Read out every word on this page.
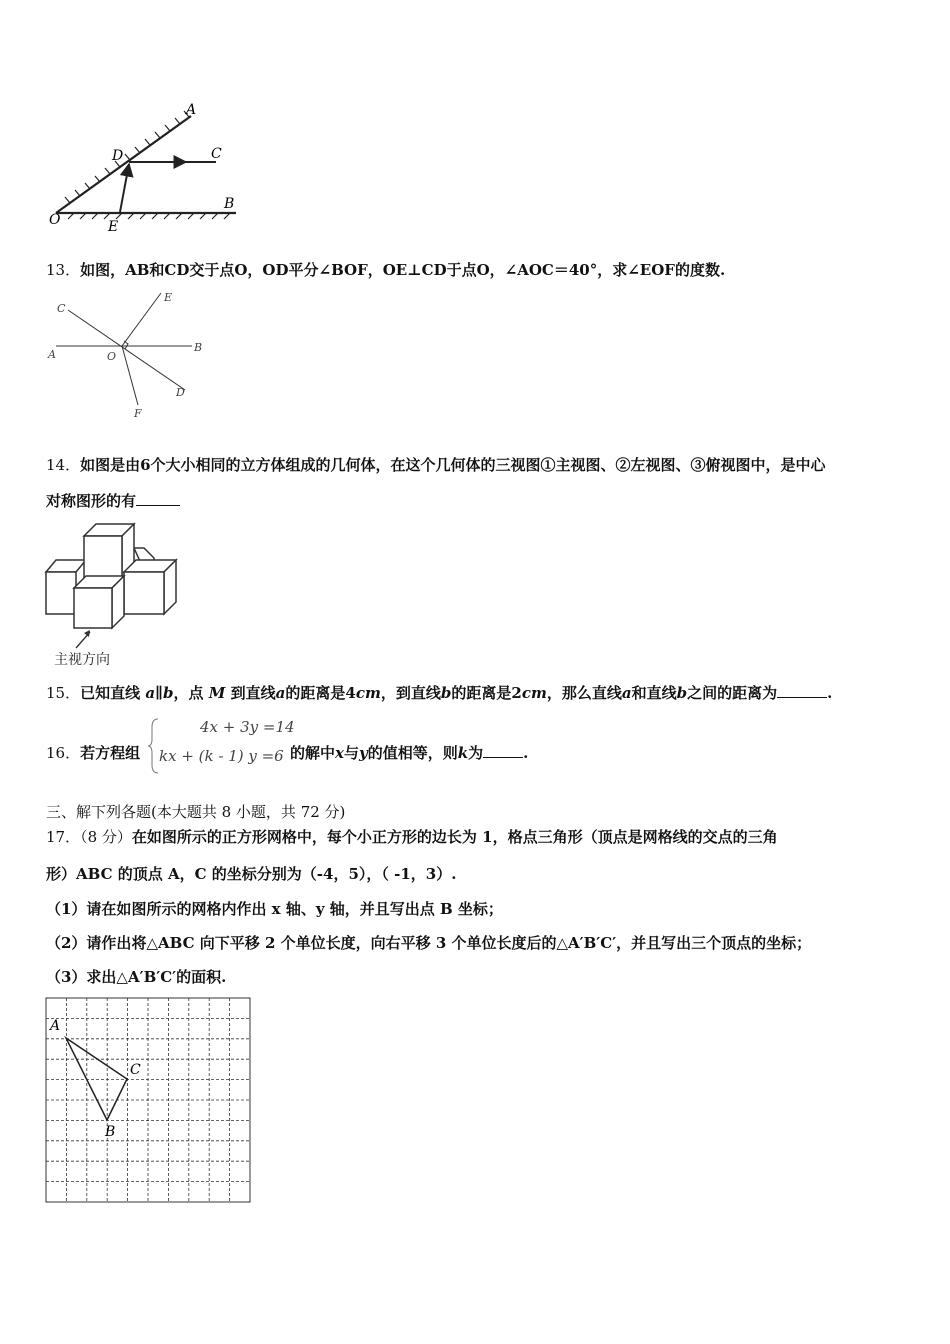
A
B
C
D
E
O
13．如图，AB和CD交于点O，OD平分∠BOF，OE⊥CD于点O，∠AOC＝40°，求∠EOF的度数.
A
B
C
D
E
F
O
14．如图是由6个大小相同的立方体组成的几何体，在这个几何体的三视图①主视图、②左视图、③俯视图中，是中心
对称图形的有
主视方向
15．已知直线 a∥b，点 M 到直线a的距离是4cm，到直线b的距离是2cm，那么直线a和直线b之间的距离为	.
16．若方程组
4x + 3y =14
kx + (k - 1) y =6 的解中x与y的值相等，则k为	.
三、解下列各题(本大题共 8 小题，共 72 分)
17．（8 分）在如图所示的正方形网格中，每个小正方形的边长为 1，格点三角形（顶点是网格线的交点的三角
形）ABC 的顶点 A，C 的坐标分别为（-4，5），（ -1，3）.
（1）请在如图所示的网格内作出 x 轴、y 轴，并且写出点 B 坐标；
（2）请作出将△ABC 向下平移 2 个单位长度，向右平移 3 个单位长度后的△A′B′C′，并且写出三个顶点的坐标；
（3）求出△A′B′C′的面积.
A
C
B
